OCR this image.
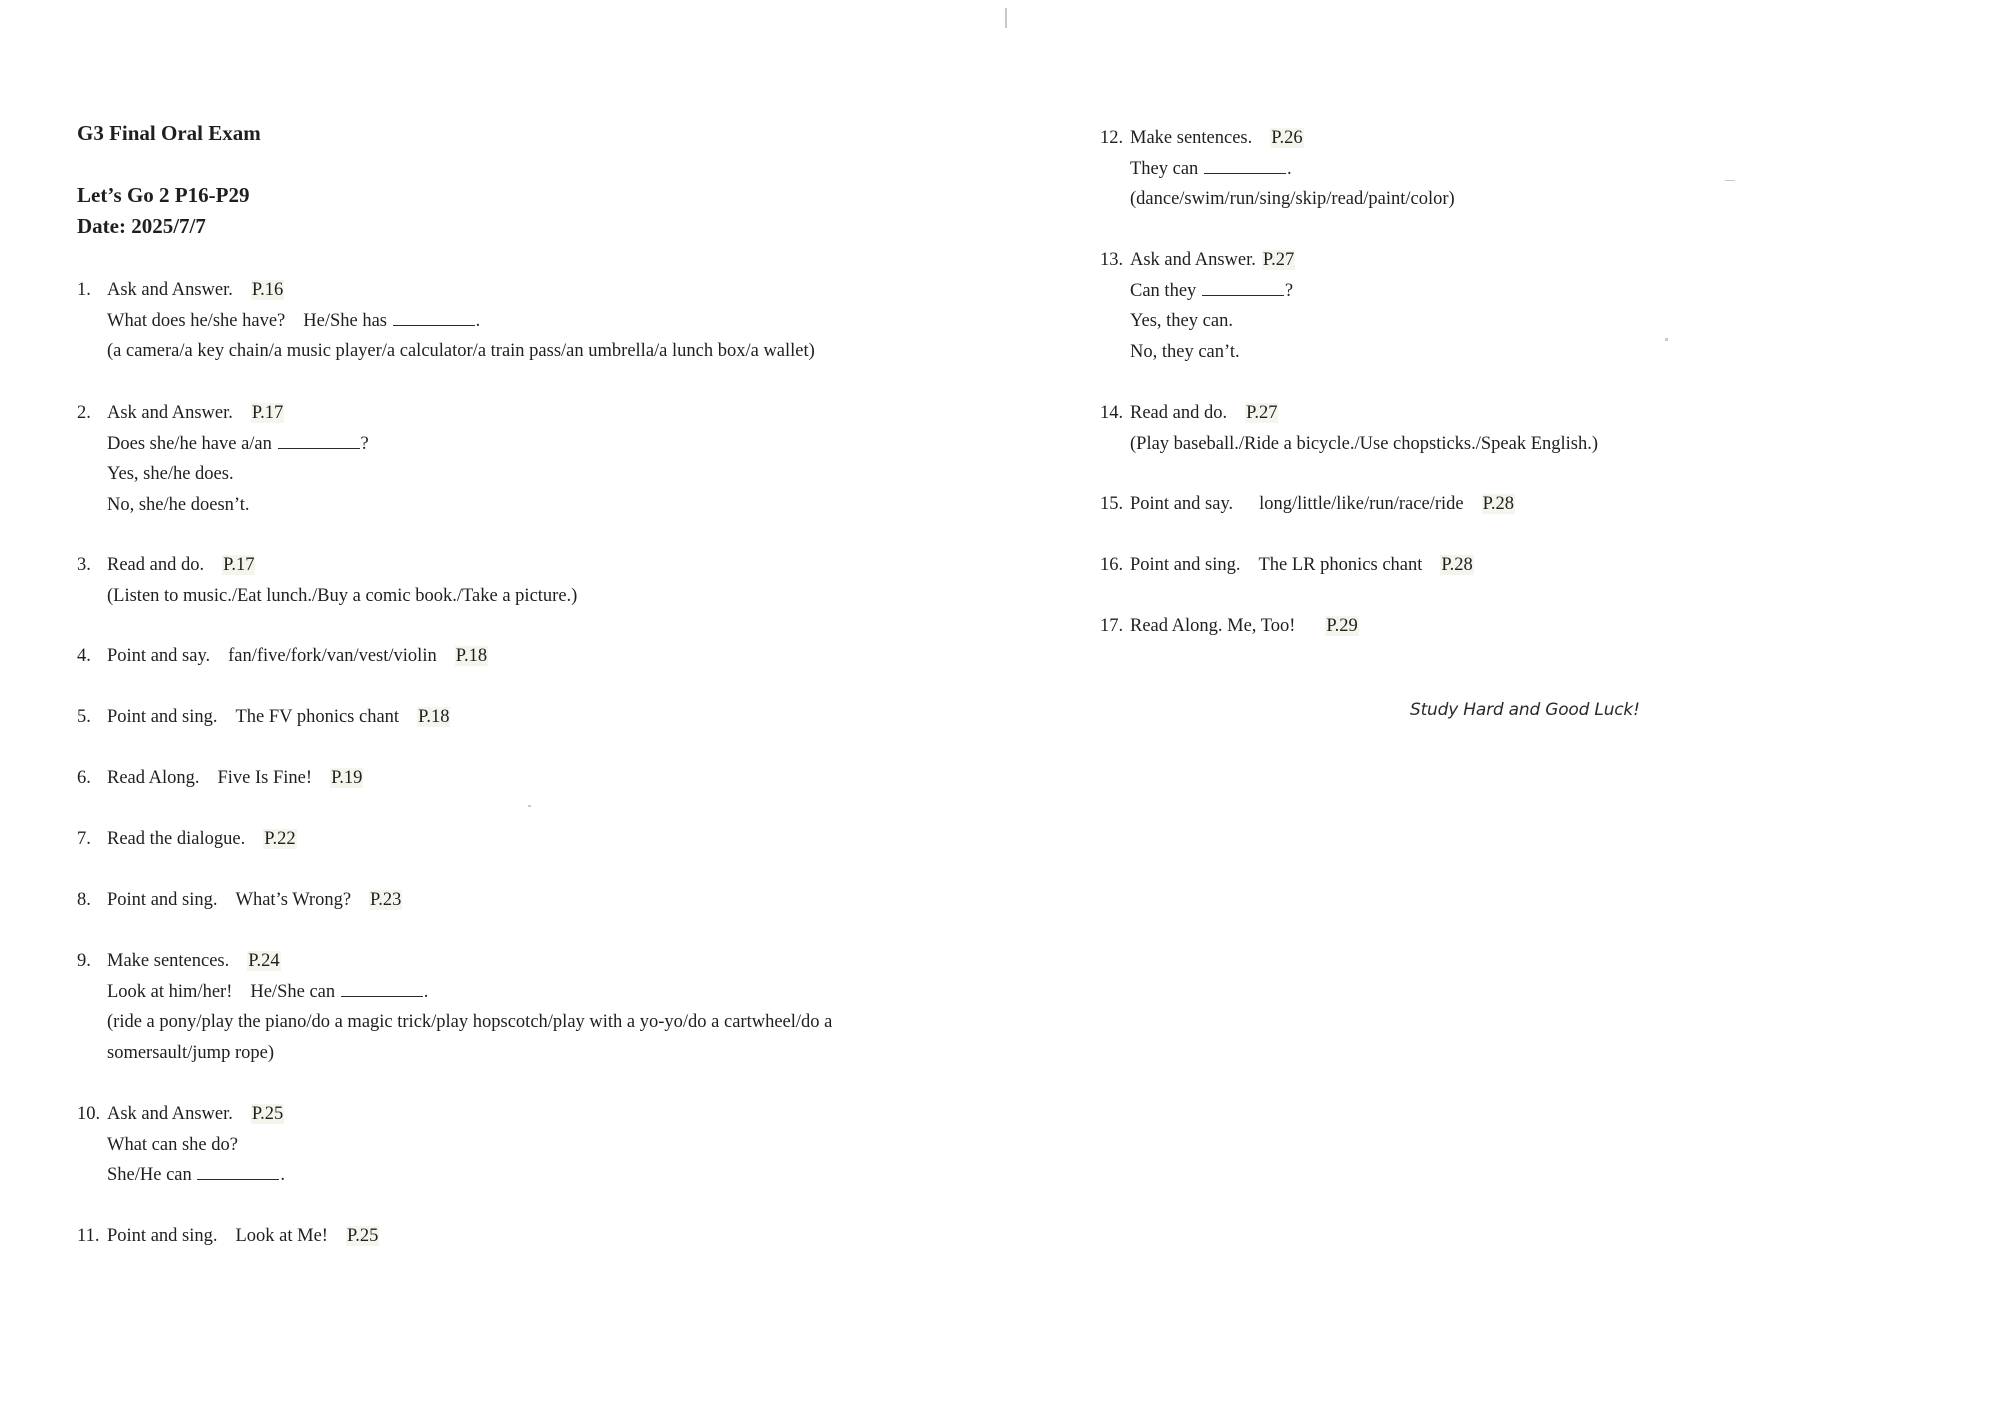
G3 Final Oral Exam
Let’s Go 2 P16-P29
Date: 2025/7/7
1. Ask and Answer. P.16
What does he/she have? He/She has	.
(a camera/a key chain/a music player/a calculator/a train pass/an umbrella/a lunch box/a wallet)
2. Ask and Answer. P.17
Does she/he have a/an	?
Yes, she/he does.
No, she/he doesn’t.
3. Read and do. P.17
(Listen to music./Eat lunch./Buy a comic book./Take a picture.)
4. Point and say. fan/five/fork/van/vest/violin P.18
5. Point and sing. The FV phonics chant P.18
6. Read Along. Five Is Fine! P.19
7. Read the dialogue. P.22
8. Point and sing. What’s Wrong? P.23
9. Make sentences. P.24
Look at him/her! He/She can	.
(ride a pony/play the piano/do a magic trick/play hopscotch/play with a yo-yo/do a cartwheel/do a
somersault/jump rope)
10. Ask and Answer. P.25
What can she do?
She/He can	.
11. Point and sing. Look at Me! P.25
12. Make sentences. P.26
They can	.
(dance/swim/run/sing/skip/read/paint/color)
13. Ask and Answer. P.27
Can they	?
Yes, they can.
No, they can’t.
14. Read and do. P.27
(Play baseball./Ride a bicycle./Use chopsticks./Speak English.)
15. Point and say. long/little/like/run/race/ride P.28
16. Point and sing. The LR phonics chant P.28
17. Read Along. Me, Too! P.29
Study Hard and Good Luck!
